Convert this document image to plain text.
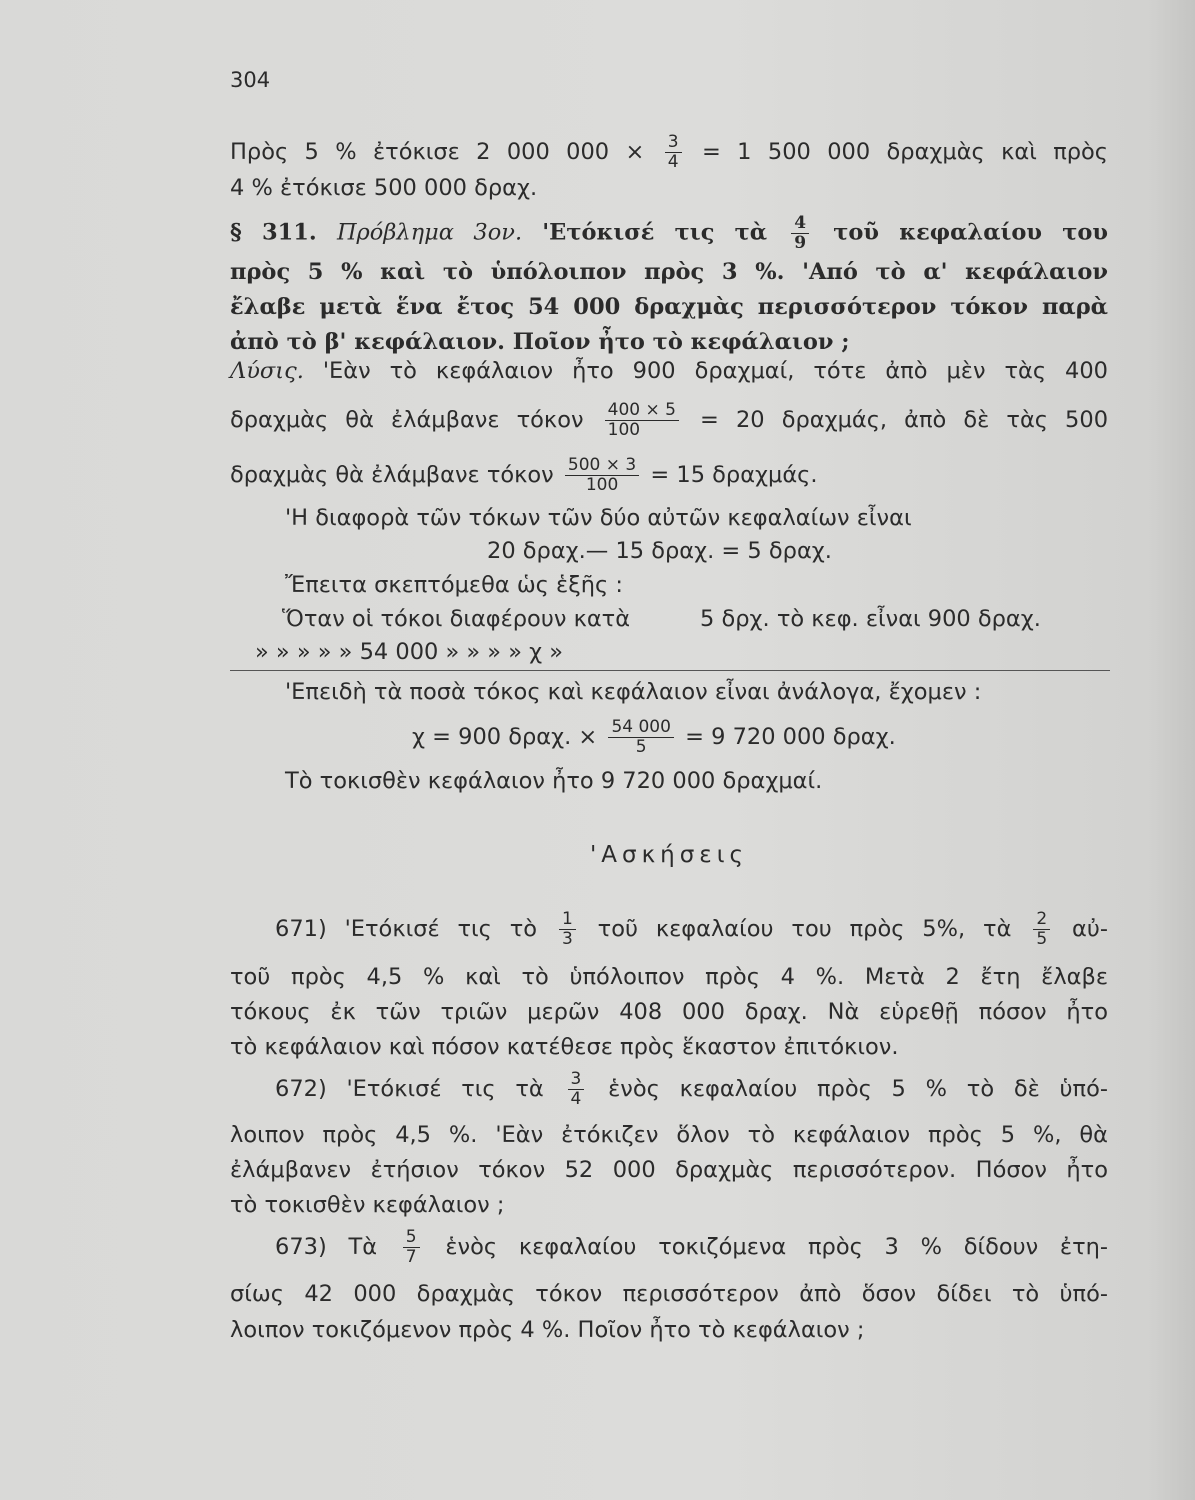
304
Πρὸς 5 % ἐτόκισε 2 000 $000 \times \frac{3}{4} = 1$ 500 000 δραχμὰς καὶ πρὸς
4 % ἐτόκισε 500 000 δραχ.
§ 311. Πρόβλημα 3ον. 'Ετόκισέ τις τὰ $\frac{4}{9}$ τοῦ κεφαλαίου του
πρὸς 5 % καὶ τὸ ὑπόλοιπον πρὸς 3 %. 'Από τὸ α' κεφάλαιον
ἔλαβε μετὰ ἕνα ἔτος 54 000 δραχμὰς περισσότερον τόκον παρὰ
ἀπὸ τὸ β' κεφάλαιον. Ποῖον ἦτο τὸ κεφάλαιον ;
Λύσις. 'Εὰν τὸ κεφάλαιον ἦτο 900 δραχμαί, τότε ἀπὸ μὲν τὰς 400
δραχμὰς θὰ ἐλάμβανε τόκον $\frac{400 \times 5}{100} = 20$ δραχμάς, ἀπὸ δὲ τὰς 500
δραχμὰς θὰ ἐλάμβανε τόκον $\frac{500 \times 3}{100} = 15$ δραχμάς.
'Η διαφορὰ τῶν τόκων τῶν δύο αὐτῶν κεφαλαίων εἶναι
20 δραχ.— 15 δραχ. = 5 δραχ.
Ἔπειτα σκεπτόμεθα ὡς ἑξῆς :
Ὅταν οἱ τόκοι διαφέρουν κατὰ	5 δρχ. τὸ κεφ. εἶναι 900 δραχ.
» » » » » 54 000 » » » » χ »
'Επειδὴ τὰ ποσὰ τόκος καὶ κεφάλαιον εἶναι ἀνάλογα, ἔχομεν :
χ = 900 δραχ. × $\frac{54 000}{5} = 9$ 720 000 δραχ.
Τὸ τοκισθὲν κεφάλαιον ἦτο 9 720 000 δραχμαί.
'Ασκήσεις
671) 'Ετόκισέ τις τὸ $\frac{1}{3}$ τοῦ κεφαλαίου του πρὸς 5%, τὰ $\frac{2}{5}$ αὐ-
τοῦ πρὸς 4,5 % καὶ τὸ ὑπόλοιπον πρὸς 4 %. Μετὰ 2 ἔτη ἔλαβε
τόκους ἐκ τῶν τριῶν μερῶν 408 000 δραχ. Νὰ εὑρεθῇ πόσον ἦτο
τὸ κεφάλαιον καὶ πόσον κατέθεσε πρὸς ἕκαστον ἐπιτόκιον.
672) 'Ετόκισέ τις τὰ $\frac{3}{4}$ ἑνὸς κεφαλαίου πρὸς 5 % τὸ δὲ ὑπό-
λοιπον πρὸς 4,5 %. 'Εὰν ἐτόκιζεν ὅλον τὸ κεφάλαιον πρὸς 5 %, θὰ
ἐλάμβανεν ἐτήσιον τόκον 52 000 δραχμὰς περισσότερον. Πόσον ἦτο
τὸ τοκισθὲν κεφάλαιον ;
673) Τὰ $\frac{5}{7}$ ἑνὸς κεφαλαίου τοκιζόμενα πρὸς 3 % δίδουν ἐτη-
σίως 42 000 δραχμὰς τόκον περισσότερον ἀπὸ ὅσον δίδει τὸ ὑπό-
λοιπον τοκιζόμενον πρὸς 4 %. Ποῖον ἦτο τὸ κεφάλαιον ;
